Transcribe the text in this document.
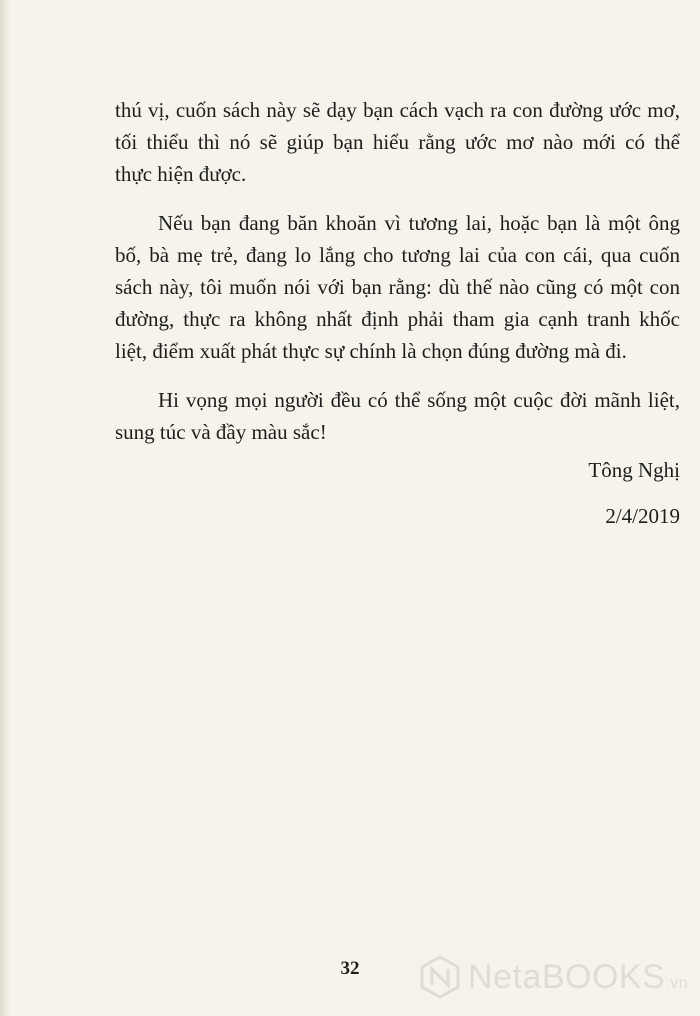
thú vị, cuốn sách này sẽ dạy bạn cách vạch ra con đường ước mơ,
tối thiểu thì nó sẽ giúp bạn hiểu rằng ước mơ nào mới có thể
thực hiện được.

Nếu bạn đang băn khoăn vì tương lai, hoặc bạn là một ông
bố, bà mẹ trẻ, đang lo lắng cho tương lai của con cái, qua cuốn
sách này, tôi muốn nói với bạn rằng: dù thế nào cũng có một con
đường, thực ra không nhất định phải tham gia cạnh tranh khốc
liệt, điểm xuất phát thực sự chính là chọn đúng đường mà đi.

Hi vọng mọi người đều có thể sống một cuộc đời mãnh liệt,
sung túc và đầy màu sắc!

Tông Nghị
2/4/2019
32	NetaBOOKS.vn
